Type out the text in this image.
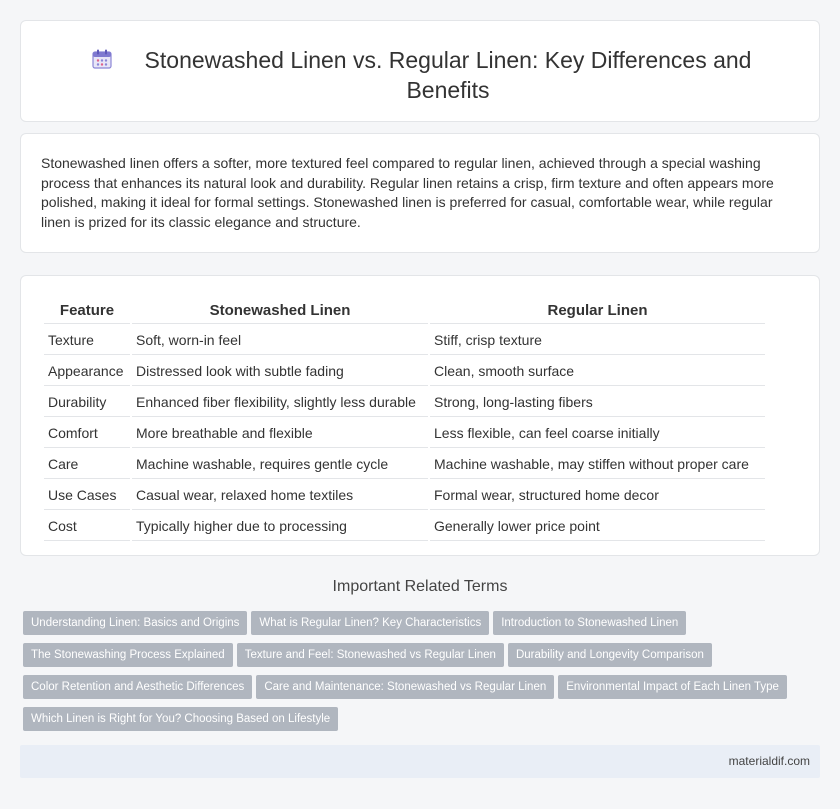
Stonewashed Linen vs. Regular Linen: Key Differences and Benefits

Stonewashed linen offers a softer, more textured feel compared to regular linen, achieved through a special washing process that enhances its natural look and durability. Regular linen retains a crisp, firm texture and often appears more polished, making it ideal for formal settings. Stonewashed linen is preferred for casual, comfortable wear, while regular linen is prized for its classic elegance and structure.

Feature	Stonewashed Linen	Regular Linen
Texture	Soft, worn-in feel	Stiff, crisp texture
Appearance	Distressed look with subtle fading	Clean, smooth surface
Durability	Enhanced fiber flexibility, slightly less durable	Strong, long-lasting fibers
Comfort	More breathable and flexible	Less flexible, can feel coarse initially
Care	Machine washable, requires gentle cycle	Machine washable, may stiffen without proper care
Use Cases	Casual wear, relaxed home textiles	Formal wear, structured home decor
Cost	Typically higher due to processing	Generally lower price point
Important Related Terms
Understanding Linen: Basics and Origins What is Regular Linen? Key Characteristics Introduction to Stonewashed Linen
The Stonewashing Process Explained Texture and Feel: Stonewashed vs Regular Linen Durability and Longevity Comparison
Color Retention and Aesthetic Differences Care and Maintenance: Stonewashed vs Regular Linen Environmental Impact of Each Linen Type
Which Linen is Right for You? Choosing Based on Lifestyle
materialdif.com
